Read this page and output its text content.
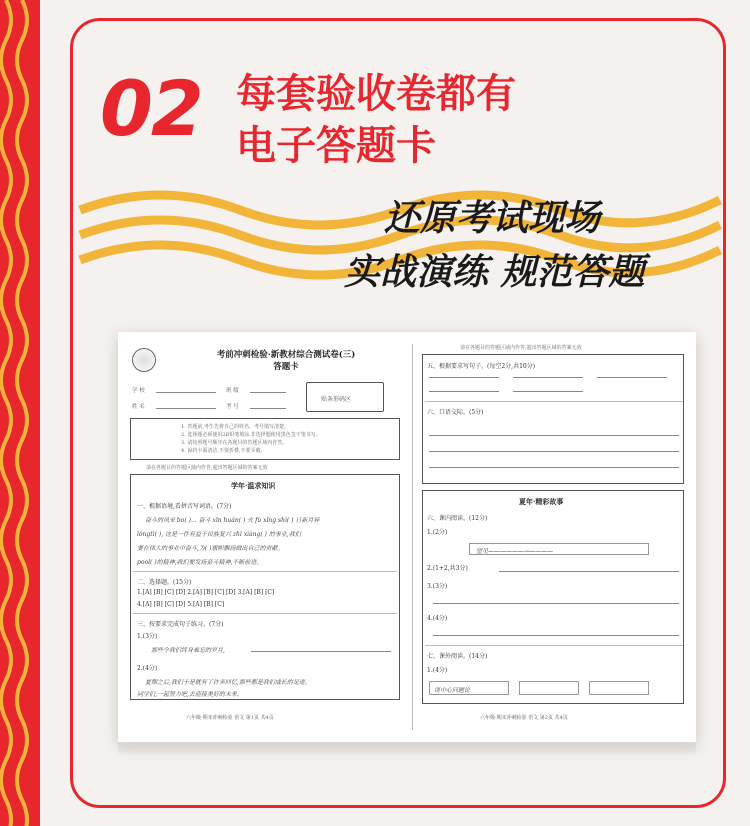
02 每套验收卷都有
电子答题卡
还原考试现场
实战演练 规范答题
考前冲刺检验·新教材综合测试卷(三)
答题卡
学 校	班 级
姓 名	考 号
贴条形码区
1. 答题前,考生先将自己的姓名、考号填写清楚。
2. 选择题必须使用2B铅笔填涂,非选择题使用黑色签字笔书写。
3. 请按照题号顺序在各题目的答题区域内作答。
4. 保持卡面清洁,不要折叠,不要弄破。
请在各题目的答题区域内作答,超出答题区域的答案无效
学年·温求知识
一、根据语境,看拼音写词语。(7分)
奋斗的风采 bo( )... 奋斗 xīn huán( ) 火 fù xīng shì( ) 日新月异
lóngtì( ), 这是一件有益于民族复兴 zhì xiàng( ) 的事业,我们
要在伟大的事业中奋斗,为( )旗帜飘扬做出自己的贡献。
pool( )的精神,我们要发扬奋斗精神,不断前进。
二、选择题。(15分)
1.[A] [B] [C] [D] 2.[A] [B] [C] [D] 3.[A] [B] [C]
4.[A] [B] [C] [D] 5.[A] [B] [C]
三、按要求完成句子练习。(7分)
1.(3分)
那些令我们终身难忘的岁月,
2.(4分)
夏期之后,我们于是就有了许多回忆,那些都是我们成长的足迹。
同学们,一起努力吧,去迎接美好的未来。
六年级·期末冲刺检验 语文 第1页 共4页
请在各题目的答题区域内作答,超出答题区域的答案无效
五、根据要求写句子。(每空2分,共10分)
六、口语交际。(5分)
夏年·精彩故事
六、课内阅读。(12分)
1.(2分)
望见——————→————
2.(1+2,共3分)
3.(3分)
4.(4分)
七、课外阅读。(14分)
1.(4分)
谈中心问题论
六年级·期末冲刺检验 语文 第2页 共4页
